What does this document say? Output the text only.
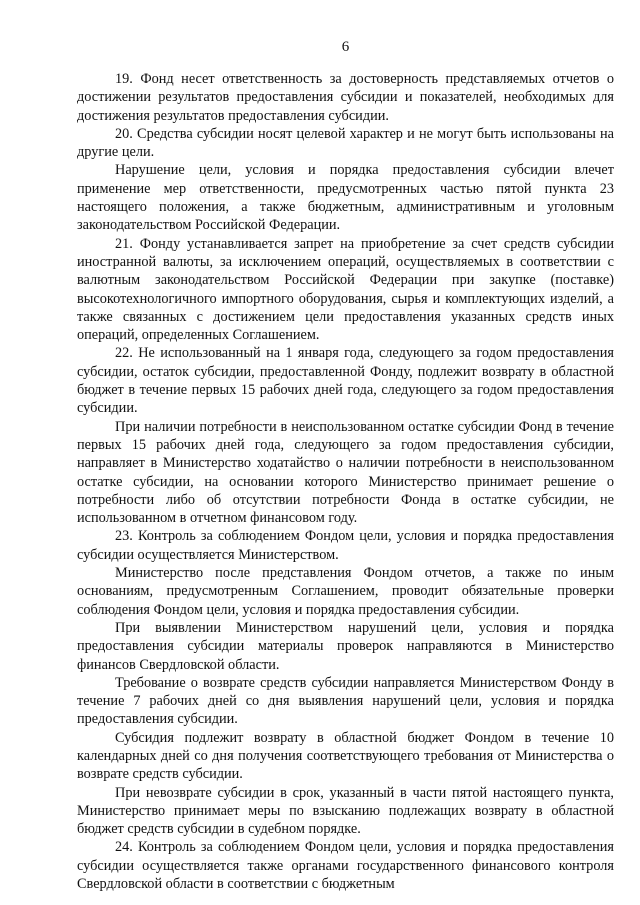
6

19. Фонд несет ответственность за достоверность представляемых отчетов о достижении результатов предоставления субсидии и показателей, необходимых для достижения результатов предоставления субсидии.

20. Средства субсидии носят целевой характер и не могут быть использованы на другие цели.

Нарушение цели, условия и порядка предоставления субсидии влечет применение мер ответственности, предусмотренных частью пятой пункта 23 настоящего положения, а также бюджетным, административным и уголовным законодательством Российской Федерации.

21. Фонду устанавливается запрет на приобретение за счет средств субсидии иностранной валюты, за исключением операций, осуществляемых в соответствии с валютным законодательством Российской Федерации при закупке (поставке) высокотехнологичного импортного оборудования, сырья и комплектующих изделий, а также связанных с достижением цели предоставления указанных средств иных операций, определенных Соглашением.

22. Не использованный на 1 января года, следующего за годом предоставления субсидии, остаток субсидии, предоставленной Фонду, подлежит возврату в областной бюджет в течение первых 15 рабочих дней года, следующего за годом предоставления субсидии.

При наличии потребности в неиспользованном остатке субсидии Фонд в течение первых 15 рабочих дней года, следующего за годом предоставления субсидии, направляет в Министерство ходатайство о наличии потребности в неиспользованном остатке субсидии, на основании которого Министерство принимает решение о потребности либо об отсутствии потребности Фонда в остатке субсидии, не использованном в отчетном финансовом году.

23. Контроль за соблюдением Фондом цели, условия и порядка предоставления субсидии осуществляется Министерством.

Министерство после представления Фондом отчетов, а также по иным основаниям, предусмотренным Соглашением, проводит обязательные проверки соблюдения Фондом цели, условия и порядка предоставления субсидии.

При выявлении Министерством нарушений цели, условия и порядка предоставления субсидии материалы проверок направляются в Министерство финансов Свердловской области.

Требование о возврате средств субсидии направляется Министерством Фонду в течение 7 рабочих дней со дня выявления нарушений цели, условия и порядка предоставления субсидии.

Субсидия подлежит возврату в областной бюджет Фондом в течение 10 календарных дней со дня получения соответствующего требования от Министерства о возврате средств субсидии.

При невозврате субсидии в срок, указанный в части пятой настоящего пункта, Министерство принимает меры по взысканию подлежащих возврату в областной бюджет средств субсидии в судебном порядке.

24. Контроль за соблюдением Фондом цели, условия и порядка предоставления субсидии осуществляется также органами государственного финансового контроля Свердловской области в соответствии с бюджетным
